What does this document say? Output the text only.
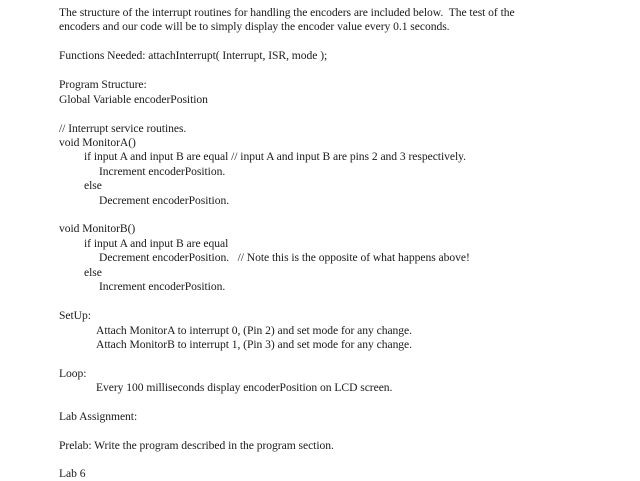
The structure of the interrupt routines for handling the encoders are included below.  The test of the
encoders and our code will be to simply display the encoder value every 0.1 seconds.
Functions Needed: attachInterrupt( Interrupt, ISR, mode );
Program Structure:
Global Variable encoderPosition
// Interrupt service routines.
void MonitorA()
if input A and input B are equal // input A and input B are pins 2 and 3 respectively.
Increment encoderPosition.
else
Decrement encoderPosition.
void MonitorB()
if input A and input B are equal
Decrement encoderPosition.   // Note this is the opposite of what happens above!
else
Increment encoderPosition.
SetUp:
Attach MonitorA to interrupt 0, (Pin 2) and set mode for any change.
Attach MonitorB to interrupt 1, (Pin 3) and set mode for any change.
Loop:
Every 100 milliseconds display encoderPosition on LCD screen.
Lab Assignment:
Prelab: Write the program described in the program section.
Lab 6
